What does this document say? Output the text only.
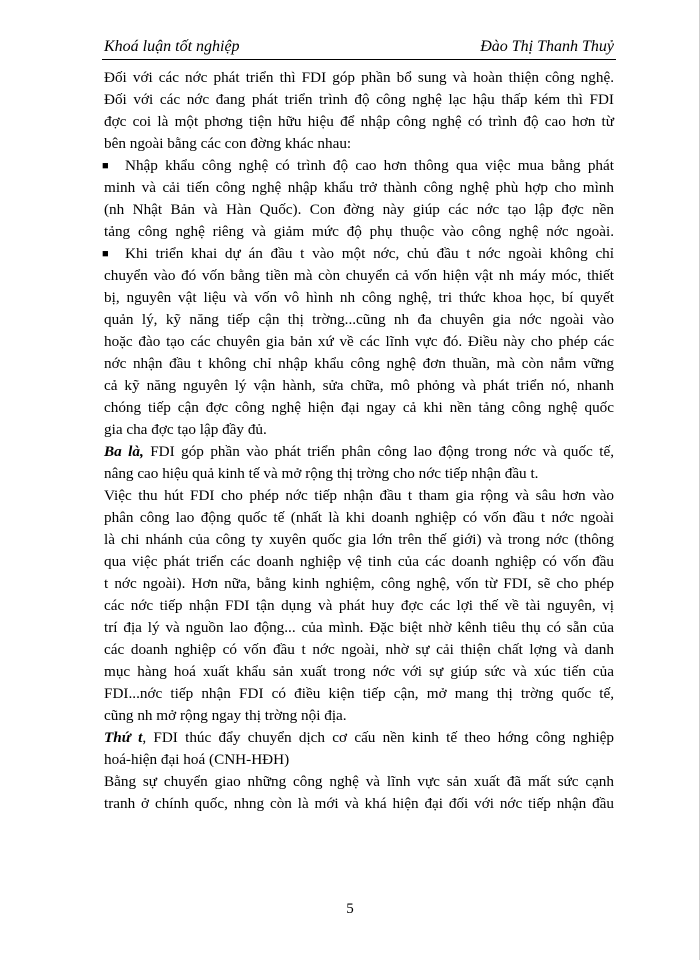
Khoá luận tốt nghiệp	Đào Thị Thanh Thuỷ
Đối với các nớc phát triển thì FDI góp phần bổ sung và hoàn thiện công nghệ.
Đối với các nớc đang phát triển trình độ công nghệ lạc hậu thấp kém thì FDI
đợc coi là một phơng tiện hữu hiệu để nhập công nghệ có trình độ cao hơn từ
bên ngoài bằng các con đờng khác nhau:
■ Nhập khẩu công nghệ có trình độ cao hơn thông qua việc mua bằng phát
minh và cải tiến công nghệ nhập khẩu trở thành công nghệ phù hợp cho mình
(nh Nhật Bản và Hàn Quốc). Con đờng này giúp các nớc tạo lập đợc nền
tảng công nghệ riêng và giảm mức độ phụ thuộc vào công nghệ nớc ngoài.
■ Khi triển khai dự án đầu t vào một nớc, chủ đầu t nớc ngoài không chỉ
chuyển vào đó vốn bằng tiền mà còn chuyển cả vốn hiện vật nh máy móc, thiết
bị, nguyên vật liệu và vốn vô hình nh công nghệ, tri thức khoa học, bí quyết
quản lý, kỹ năng tiếp cận thị trờng...cũng nh đa chuyên gia nớc ngoài vào
hoặc đào tạo các chuyên gia bản xứ về các lĩnh vực đó. Điều này cho phép các
nớc nhận đầu t không chỉ nhập khẩu công nghệ đơn thuần, mà còn nắm vững
cả kỹ năng nguyên lý vận hành, sửa chữa, mô phỏng và phát triển nó, nhanh
chóng tiếp cận đợc công nghệ hiện đại ngay cả khi nền tảng công nghệ quốc
gia cha đợc tạo lập đầy đủ.
Ba là, FDI góp phần vào phát triển phân công lao động trong nớc và quốc tế,
nâng cao hiệu quả kinh tế và mở rộng thị trờng cho nớc tiếp nhận đầu t.
Việc thu hút FDI cho phép nớc tiếp nhận đầu t tham gia rộng và sâu hơn vào
phân công lao động quốc tế (nhất là khi doanh nghiệp có vốn đầu t nớc ngoài
là chi nhánh của công ty xuyên quốc gia lớn trên thế giới) và trong nớc (thông
qua việc phát triển các doanh nghiệp vệ tinh của các doanh nghiệp có vốn đầu
t nớc ngoài). Hơn nữa, bằng kinh nghiệm, công nghệ, vốn từ FDI, sẽ cho phép
các nớc tiếp nhận FDI tận dụng và phát huy đợc các lợi thế về tài nguyên, vị
trí địa lý và nguồn lao động... của mình. Đặc biệt nhờ kênh tiêu thụ có sẵn của
các doanh nghiệp có vốn đầu t nớc ngoài, nhờ sự cải thiện chất lợng và danh
mục hàng hoá xuất khẩu sản xuất trong nớc với sự giúp sức và xúc tiến của
FDI...nớc tiếp nhận FDI có điều kiện tiếp cận, mở mang thị trờng quốc tế,
cũng nh mở rộng ngay thị trờng nội địa.
Thứ t, FDI thúc đẩy chuyển dịch cơ cấu nền kinh tế theo hớng công nghiệp
hoá-hiện đại hoá (CNH-HĐH)
Bằng sự chuyển giao những công nghệ và lĩnh vực sản xuất đã mất sức cạnh
tranh ở chính quốc, nhng còn là mới và khá hiện đại đối với nớc tiếp nhận đầu
5
